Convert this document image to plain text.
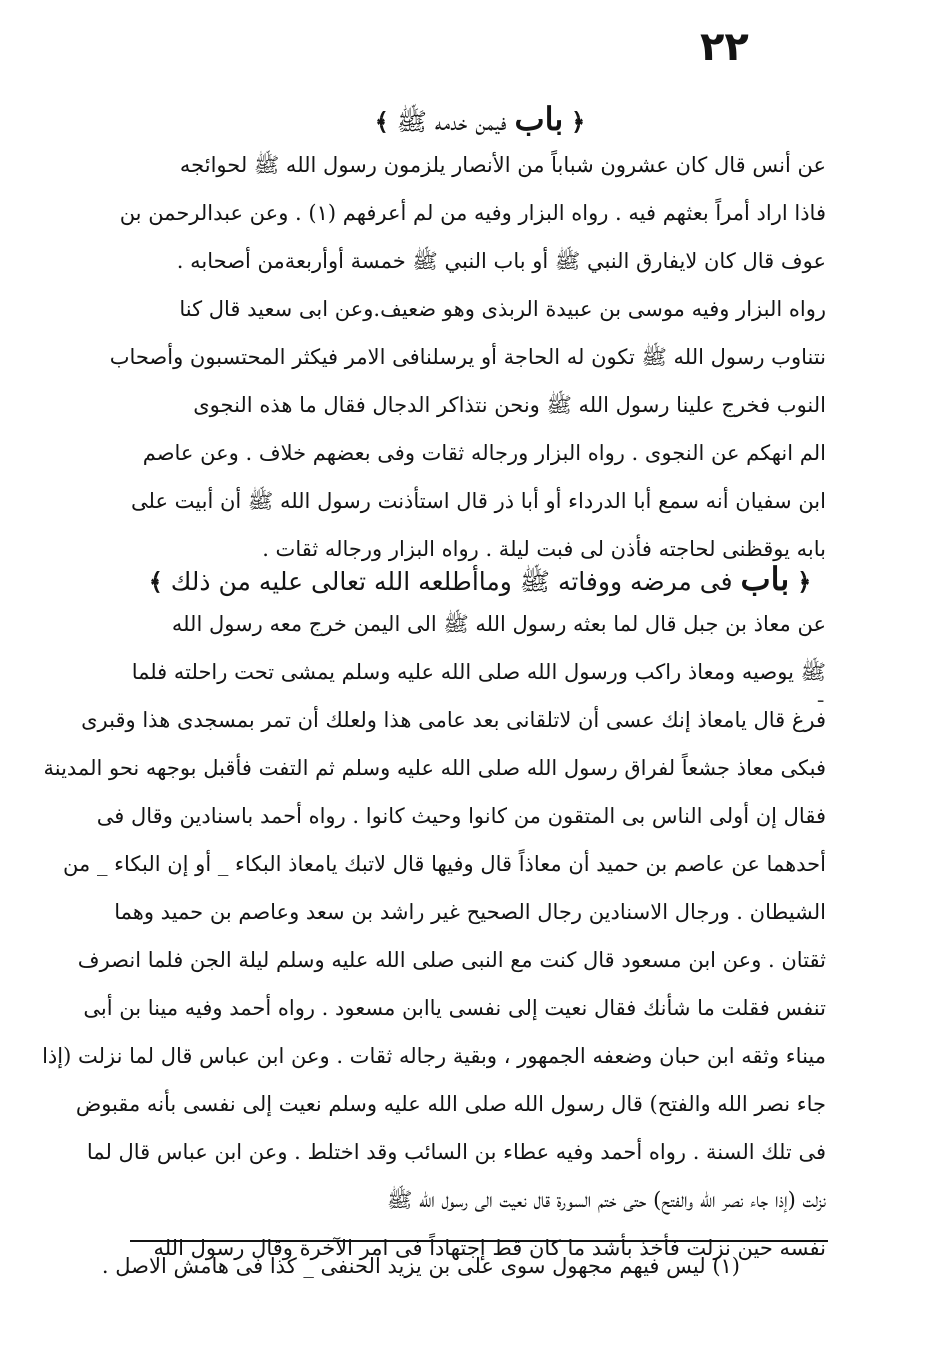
٢٢
﴿ باب فيمن خدمه ﷺ ﴾
عن أنس قال كان عشرون شباباً من الأنصار يلزمون رسول الله ﷺ لحوائجه
فاذا اراد أمراً بعثهم فيه . رواه البزار وفيه من لم أعرفهم (١) . وعن عبدالرحمن بن
عوف قال كان لايفارق النبي ﷺ أو باب النبي ﷺ خمسة أوأربعةمن أصحابه .
رواه البزار وفيه موسى بن عبيدة الربذى وهو ضعيف.وعن ابى سعيد قال كنا
نتناوب رسول الله ﷺ تكون له الحاجة أو يرسلنافى الامر فيكثر المحتسبون وأصحاب
النوب فخرج علينا رسول الله ﷺ ونحن نتذاكر الدجال فقال ما هذه النجوى
الم انهكم عن النجوى . رواه البزار ورجاله ثقات وفى بعضهم خلاف . وعن عاصم
ابن سفيان أنه سمع أبا الدرداء أو أبا ذر قال استأذنت رسول الله ﷺ أن أبيت على
بابه يوقظنى لحاجته فأذن لى فبت ليلة . رواه البزار ورجاله ثقات .
﴿ باب فى مرضه ووفاته ﷺ وماأطلعه الله تعالى عليه من ذلك ﴾
عن معاذ بن جبل قال لما بعثه رسول الله ﷺ الى اليمن خرج معه رسول الله
ﷺ يوصيه ومعاذ راكب ورسول الله صلى الله عليه وسلم يمشى تحت راحلته فلما
فرغ قال يامعاذ إنك عسى أن لاتلقانى بعد عامى هذا ولعلك أن تمر بمسجدى هذا وقبرى
فبكى معاذ جشعاً لفراق رسول الله صلى الله عليه وسلم ثم التفت فأقبل بوجهه نحو المدينة
فقال إن أولى الناس بى المتقون من كانوا وحيث كانوا . رواه أحمد باسنادين وقال فى
أحدهما عن عاصم بن حميد أن معاذاً قال وفيها قال لاتبك يامعاذ البكاء _ أو إن البكاء _ من
الشيطان . ورجال الاسنادين رجال الصحيح غير راشد بن سعد وعاصم بن حميد وهما
ثقتان . وعن ابن مسعود قال كنت مع النبى صلى الله عليه وسلم ليلة الجن فلما انصرف
تنفس فقلت ما شأنك فقال نعيت إلى نفسى ياابن مسعود . رواه أحمد وفيه مينا بن أبى
ميناء وثقه ابن حبان وضعفه الجمهور ، وبقية رجاله ثقات . وعن ابن عباس قال لما نزلت (إذا
جاء نصر الله والفتح) قال رسول الله صلى الله عليه وسلم نعيت إلى نفسى بأنه مقبوض
فى تلك السنة . رواه أحمد وفيه عطاء بن السائب وقد اختلط . وعن ابن عباس قال لما
نزلت (إذا جاء نصر الله والفتح) حتى ختم السورة قال نعيت الى رسول الله ﷺ
نفسه حين نزلت فأخذ بأشد ما كان قط إجتهاداً فى امر الآخرة وقال رسول الله
ـ
(١) ليس فيهم مجهول سوى على بن يزيد الحنفى _ كذا فى هامش الاصل .
